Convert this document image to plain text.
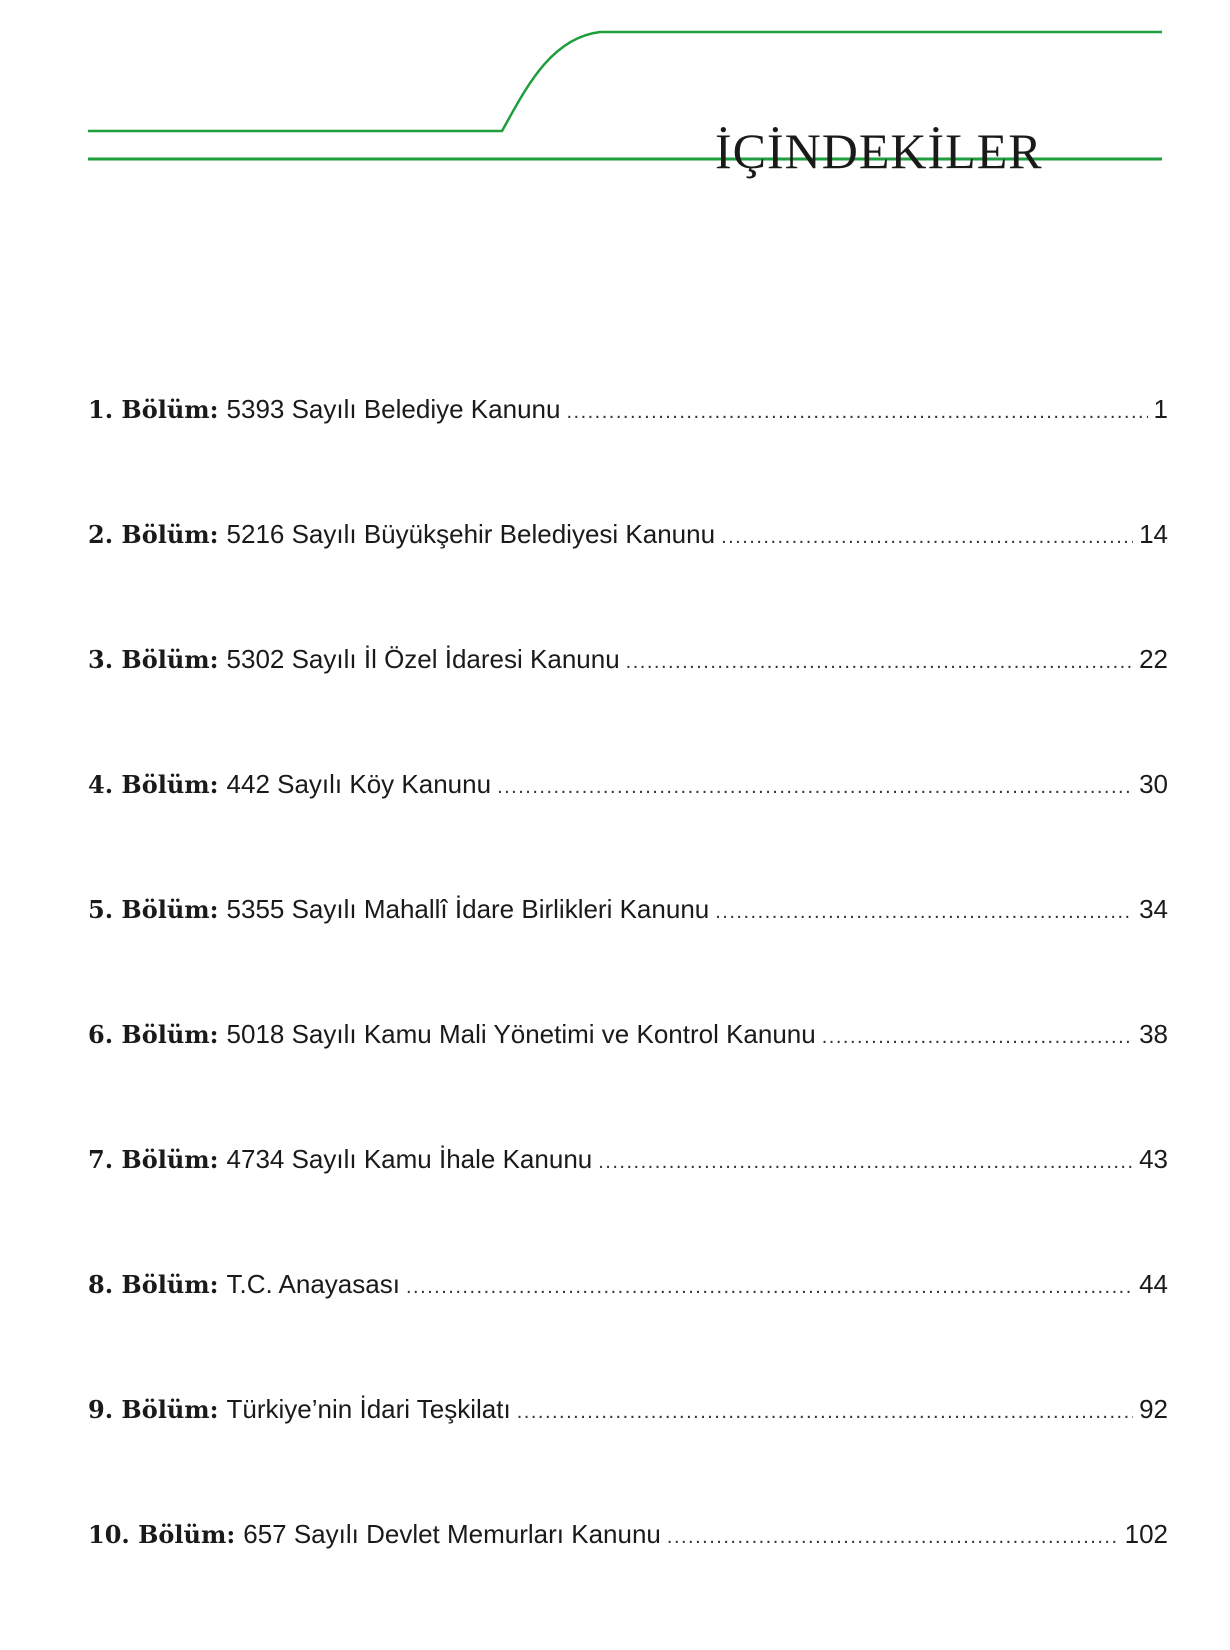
İÇİNDEKİLER
1. Bölüm: 5393 Sayılı Belediye Kanunu .....	1
2. Bölüm: 5216 Sayılı Büyükşehir Belediyesi Kanunu .....	14
3. Bölüm: 5302 Sayılı İl Özel İdaresi Kanunu .....	22
4. Bölüm: 442 Sayılı Köy Kanunu .....	30
5. Bölüm: 5355 Sayılı Mahallî İdare Birlikleri Kanunu .....	34
6. Bölüm: 5018 Sayılı Kamu Mali Yönetimi ve Kontrol Kanunu .....	38
7. Bölüm: 4734 Sayılı Kamu İhale Kanunu .....	43
8. Bölüm: T.C. Anayasası .....	44
9. Bölüm: Türkiye’nin İdari Teşkilatı .....	92
10. Bölüm: 657 Sayılı Devlet Memurları Kanunu .....	102
